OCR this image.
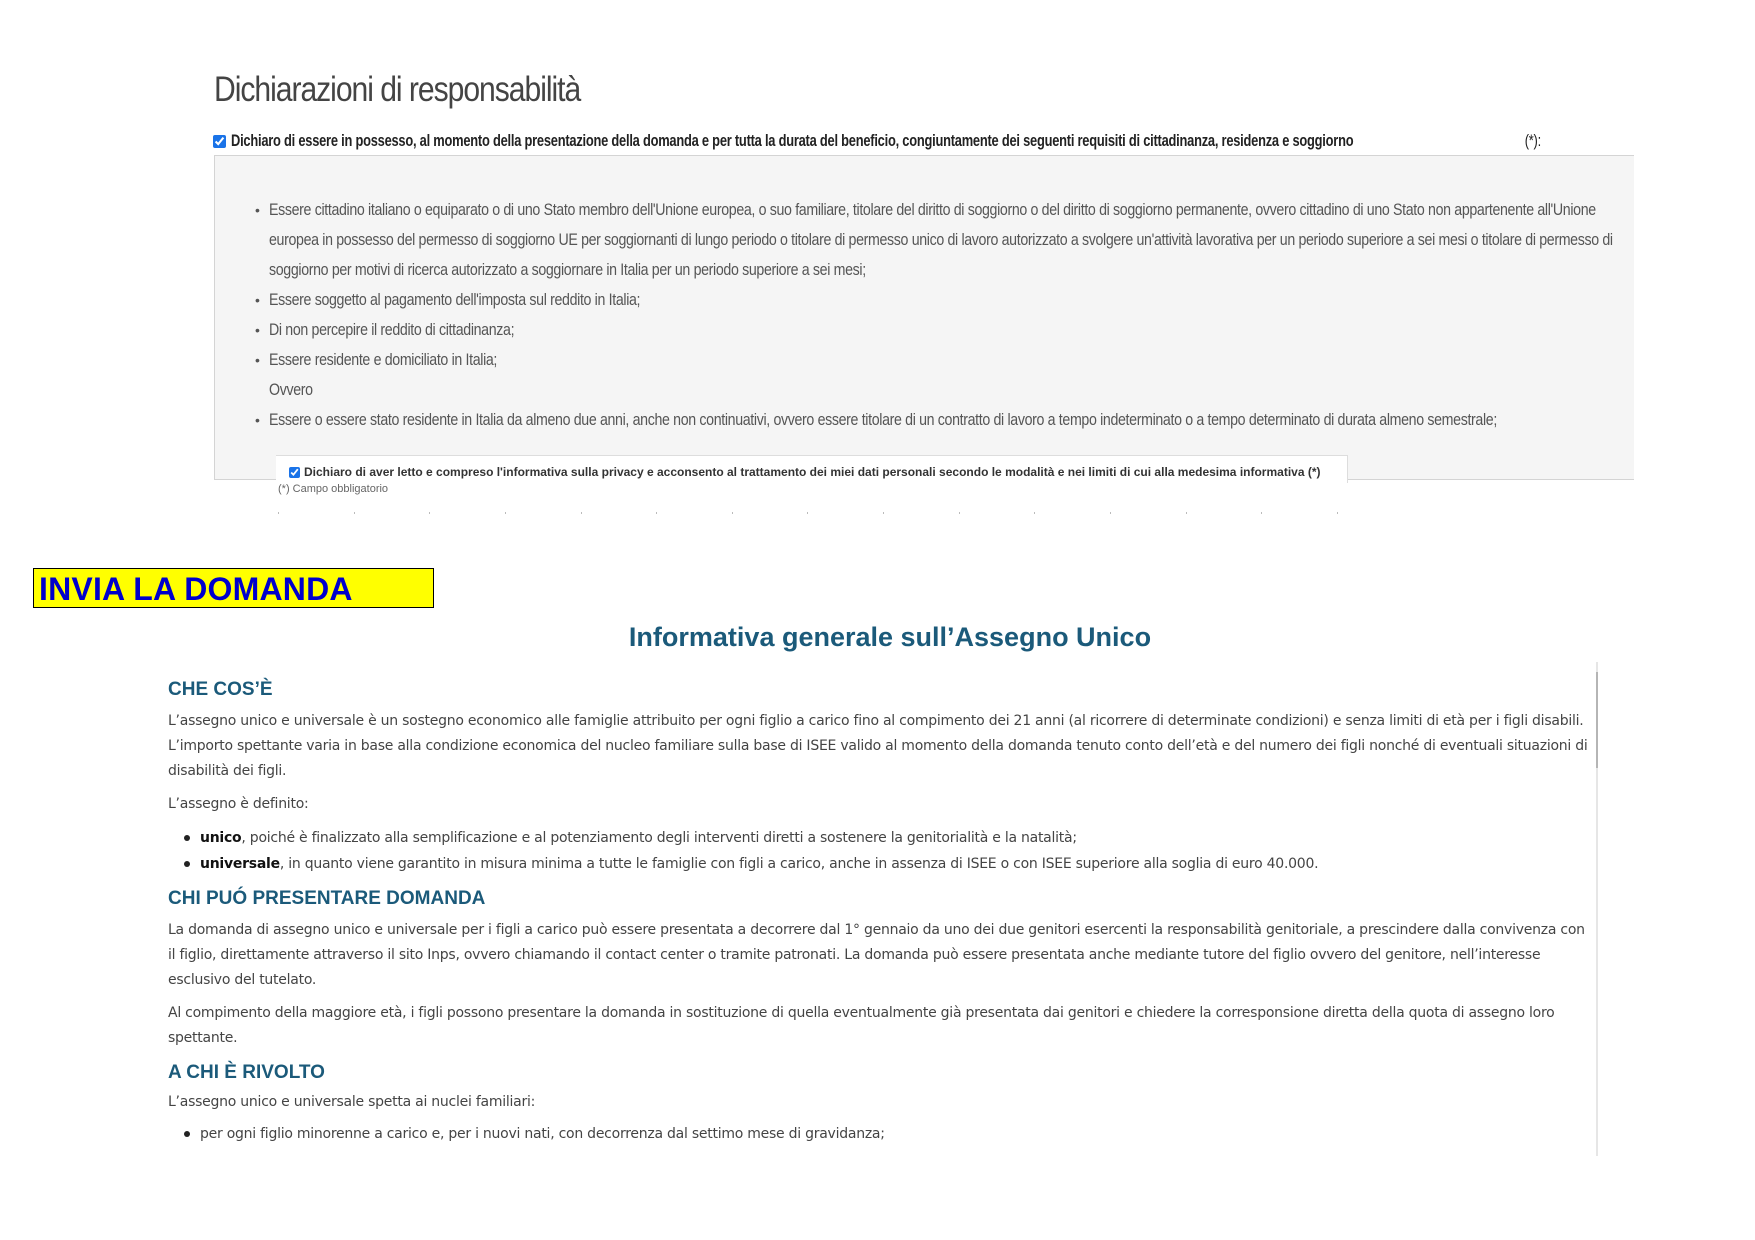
Dichiarazioni di responsabilità
Dichiaro di essere in possesso, al momento della presentazione della domanda e per tutta la durata del beneficio, congiuntamente dei seguenti requisiti di cittadinanza, residenza e soggiorno	(*):
• Essere cittadino italiano o equiparato o di uno Stato membro dell'Unione europea, o suo familiare, titolare del diritto di soggiorno o del diritto di soggiorno permanente, ovvero cittadino di uno Stato non appartenente all'Unione europea in possesso del permesso di soggiorno UE per soggiornanti di lungo periodo o titolare di permesso unico di lavoro autorizzato a svolgere un'attività lavorativa per un periodo superiore a sei mesi o titolare di permesso di soggiorno per motivi di ricerca autorizzato a soggiornare in Italia per un periodo superiore a sei mesi;
• Essere soggetto al pagamento dell'imposta sul reddito in Italia;
• Di non percepire il reddito di cittadinanza;
• Essere residente e domiciliato in Italia;
Ovvero
• Essere o essere stato residente in Italia da almeno due anni, anche non continuativi, ovvero essere titolare di un contratto di lavoro a tempo indeterminato o a tempo determinato di durata almeno semestrale;
Dichiaro di aver letto e compreso l'informativa sulla privacy e acconsento al trattamento dei miei dati personali secondo le modalità e nei limiti di cui alla medesima informativa (*)
(*) Campo obbligatorio
INVIA LA DOMANDA
Informativa generale sull’Assegno Unico
CHE COS’È

L’assegno unico e universale è un sostegno economico alle famiglie attribuito per ogni figlio a carico fino al compimento dei 21 anni (al ricorrere di determinate condizioni) e senza limiti di età per i figli disabili. L’importo spettante varia in base alla condizione economica del nucleo familiare sulla base di ISEE valido al momento della domanda tenuto conto dell’età e del numero dei figli nonché di eventuali situazioni di disabilità dei figli.

L’assegno è definito:

unico, poiché è finalizzato alla semplificazione e al potenziamento degli interventi diretti a sostenere la genitorialità e la natalità;
universale, in quanto viene garantito in misura minima a tutte le famiglie con figli a carico, anche in assenza di ISEE o con ISEE superiore alla soglia di euro 40.000.
CHI PUÓ PRESENTARE DOMANDA

La domanda di assegno unico e universale per i figli a carico può essere presentata a decorrere dal 1° gennaio da uno dei due genitori esercenti la responsabilità genitoriale, a prescindere dalla convivenza con il figlio, direttamente attraverso il sito Inps, ovvero chiamando il contact center o tramite patronati. La domanda può essere presentata anche mediante tutore del figlio ovvero del genitore, nell’interesse esclusivo del tutelato.

Al compimento della maggiore età, i figli possono presentare la domanda in sostituzione di quella eventualmente già presentata dai genitori e chiedere la corresponsione diretta della quota di assegno loro spettante.

A CHI È RIVOLTO

L’assegno unico e universale spetta ai nuclei familiari:

per ogni figlio minorenne a carico e, per i nuovi nati, con decorrenza dal settimo mese di gravidanza;
